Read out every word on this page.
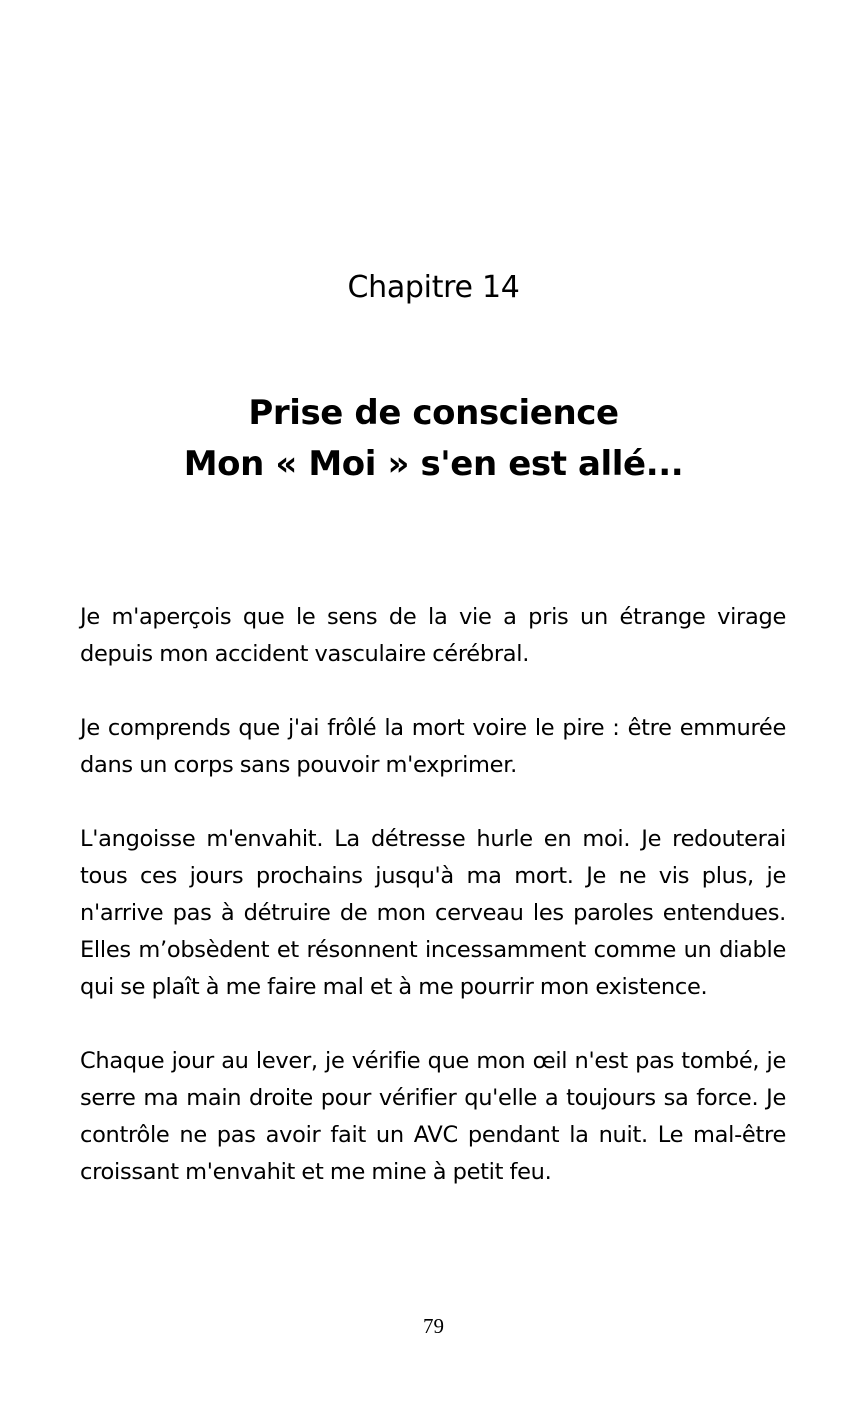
Chapitre 14
Prise de conscience
Mon « Moi » s'en est allé...

Je m'aperçois que le sens de la vie a pris un étrange virage depuis mon accident vasculaire cérébral.

Je comprends que j'ai frôlé la mort voire le pire : être emmurée dans un corps sans pouvoir m'exprimer.

L'angoisse m'envahit. La détresse hurle en moi. Je redouterai tous ces jours prochains jusqu'à ma mort. Je ne vis plus, je n'arrive pas à détruire de mon cerveau les paroles entendues. Elles m’obsèdent et résonnent incessamment comme un diable qui se plaît à me faire mal et à me pourrir mon existence.

Chaque jour au lever, je vérifie que mon œil n'est pas tombé, je serre ma main droite pour vérifier qu'elle a toujours sa force. Je contrôle ne pas avoir fait un AVC pendant la nuit. Le mal-être croissant m'envahit et me mine à petit feu.

79
